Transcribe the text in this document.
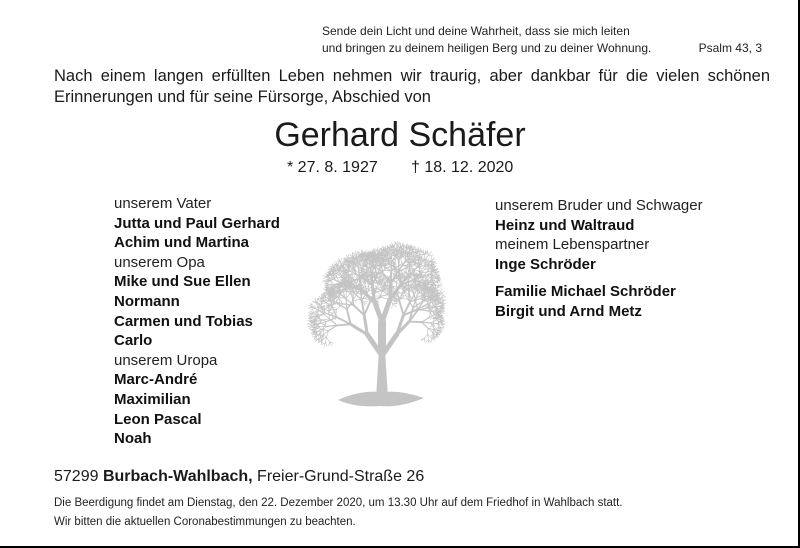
Sende dein Licht und deine Wahrheit, dass sie mich leiten
und bringen zu deinem heiligen Berg und zu deiner Wohnung.	Psalm 43, 3
Nach einem langen erfüllten Leben nehmen wir traurig, aber dankbar für die vielen schönen Erinnerungen und für seine Fürsorge, Abschied von
Gerhard Schäfer
* 27. 8. 1927 † 18. 12. 2020
unserem Vater
Jutta und Paul Gerhard
Achim und Martina
unserem Opa
Mike und Sue Ellen
Normann
Carmen und Tobias
Carlo
unserem Uropa
Marc-André
Maximilian
Leon Pascal
Noah
unserem Bruder und Schwager
Heinz und Waltraud
meinem Lebenspartner
Inge Schröder
Familie Michael Schröder
Birgit und Arnd Metz
57299 Burbach-Wahlbach, Freier-Grund-Straße 26
Die Beerdigung findet am Dienstag, den 22. Dezember 2020, um 13.30 Uhr auf dem Friedhof in Wahlbach statt.
Wir bitten die aktuellen Coronabestimmungen zu beachten.
